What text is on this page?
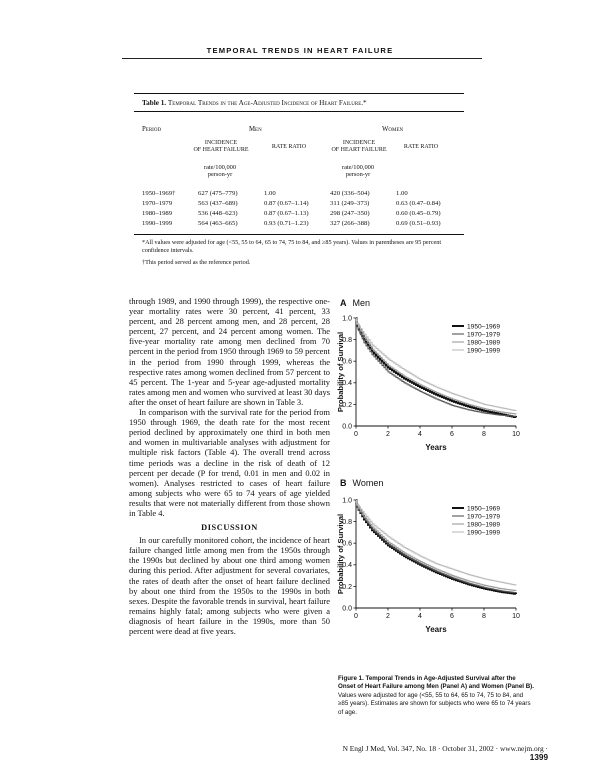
TEMPORAL TRENDS IN HEART FAILURE
Table 1. Temporal Trends in the Age-Adjusted Incidence of Heart Failure.*
Period	Men	Women
INCIDENCE
OF HEART FAILURE	RATE RATIO
INCIDENCE
OF HEART FAILURE	RATE RATIO
rate/100,000
person-yr
rate/100,000
person-yr
1950–1969†	627 (475–779)	1.00	420 (336–504)	1.00
1970–1979	563 (437–689)	0.87 (0.67–1.14)	311 (249–373)	0.63 (0.47–0.84)
1980–1989	536 (448–623)	0.87 (0.67–1.13)	298 (247–350)	0.60 (0.45–0.79)
1990–1999	564 (463–665)	0.93 (0.71–1.23)	327 (266–388)	0.69 (0.51–0.93)
*All values were adjusted for age (<55, 55 to 64, 65 to 74, 75 to 84, and ≥85 years). Values in parentheses are 95 percent confidence intervals.
†This period served as the reference period.

through 1989, and 1990 through 1999), the respective one-year mortality rates were 30 percent, 41 percent, 33 percent, and 28 percent among men, and 28 percent, 28 percent, 27 percent, and 24 percent among women. The five-year mortality rate among men declined from 70 percent in the period from 1950 through 1969 to 59 percent in the period from 1990 through 1999, whereas the respective rates among women declined from 57 percent to 45 percent. The 1-year and 5-year age-adjusted mortality rates among men and women who survived at least 30 days after the onset of heart failure are shown in Table 3.

In comparison with the survival rate for the period from 1950 through 1969, the death rate for the most recent period declined by approximately one third in both men and women in multivariable analyses with adjustment for multiple risk factors (Table 4). The overall trend across time periods was a decline in the risk of death of 12 percent per decade (P for trend, 0.01 in men and 0.02 in women). Analyses restricted to cases of heart failure among subjects who were 65 to 74 years of age yielded results that were not materially different from those shown in Table 4.

DISCUSSION

In our carefully monitored cohort, the incidence of heart failure changed little among men from the 1950s through the 1990s but declined by about one third among women during this period. After adjustment for several covariates, the rates of death after the onset of heart failure declined by about one third from the 1950s to the 1990s in both sexes. Despite the favorable trends in survival, heart failure remains highly fatal; among subjects who were given a diagnosis of heart failure in the 1990s, more than 50 percent were dead at five years.

A Men
0.0
0.2
0.4
0.6
0.8
1.0
0	2	4	6	8	10
Years
Probability of Survival
1950–1969
1970–1979
1980–1989
1990–1999
B Women
0.0
0.2
0.4
0.6
0.8
1.0
0	2	4	6	8	10
Years
Probability of Survival
1950–1969
1970–1979
1980–1989
1990–1999
Figure 1. Temporal Trends in Age-Adjusted Survival after the Onset of Heart Failure among Men (Panel A) and Women (Panel B). Values were adjusted for age (<55, 55 to 64, 65 to 74, 75 to 84, and ≥85 years). Estimates are shown for subjects who were 65 to 74 years of age.
N Engl J Med, Vol. 347, No. 18 · October 31, 2002 · www.nejm.org · 1399
